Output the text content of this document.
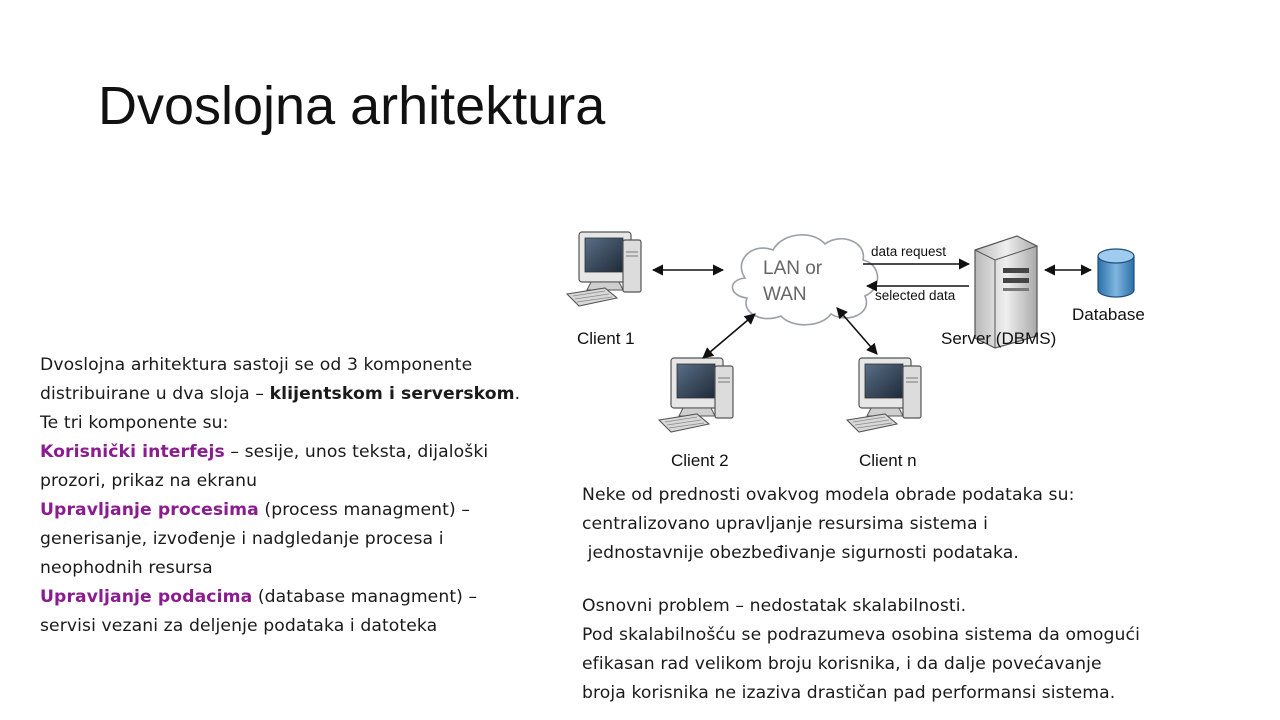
Dvoslojna arhitektura
Dvoslojna arhitektura sastoji se od 3 komponente
distribuirane u dva sloja – klijentskom i serverskom.
Te tri komponente su:
Korisnički interfejs – sesije, unos teksta, dijaloški
prozori, prikaz na ekranu
Upravljanje procesima (process managment) –
generisanje, izvođenje i nadgledanje procesa i
neophodnih resursa
Upravljanje podacima (database managment) –
servisi vezani za deljenje podataka i datoteka
Neke od prednosti ovakvog modela obrade podataka su:
centralizovano upravljanje resursima sistema i
jednostavnije obezbeđivanje sigurnosti podataka.
Osnovni problem – nedostatak skalabilnosti.
Pod skalabilnošću se podrazumeva osobina sistema da omogući
efikasan rad velikom broju korisnika, i da dalje povećavanje
broja korisnika ne izaziva drastičan pad performansi sistema.
Client 1
Client 2	Client n
LAN or
WAN
Server (DBMS)
Database
data request
selected data
